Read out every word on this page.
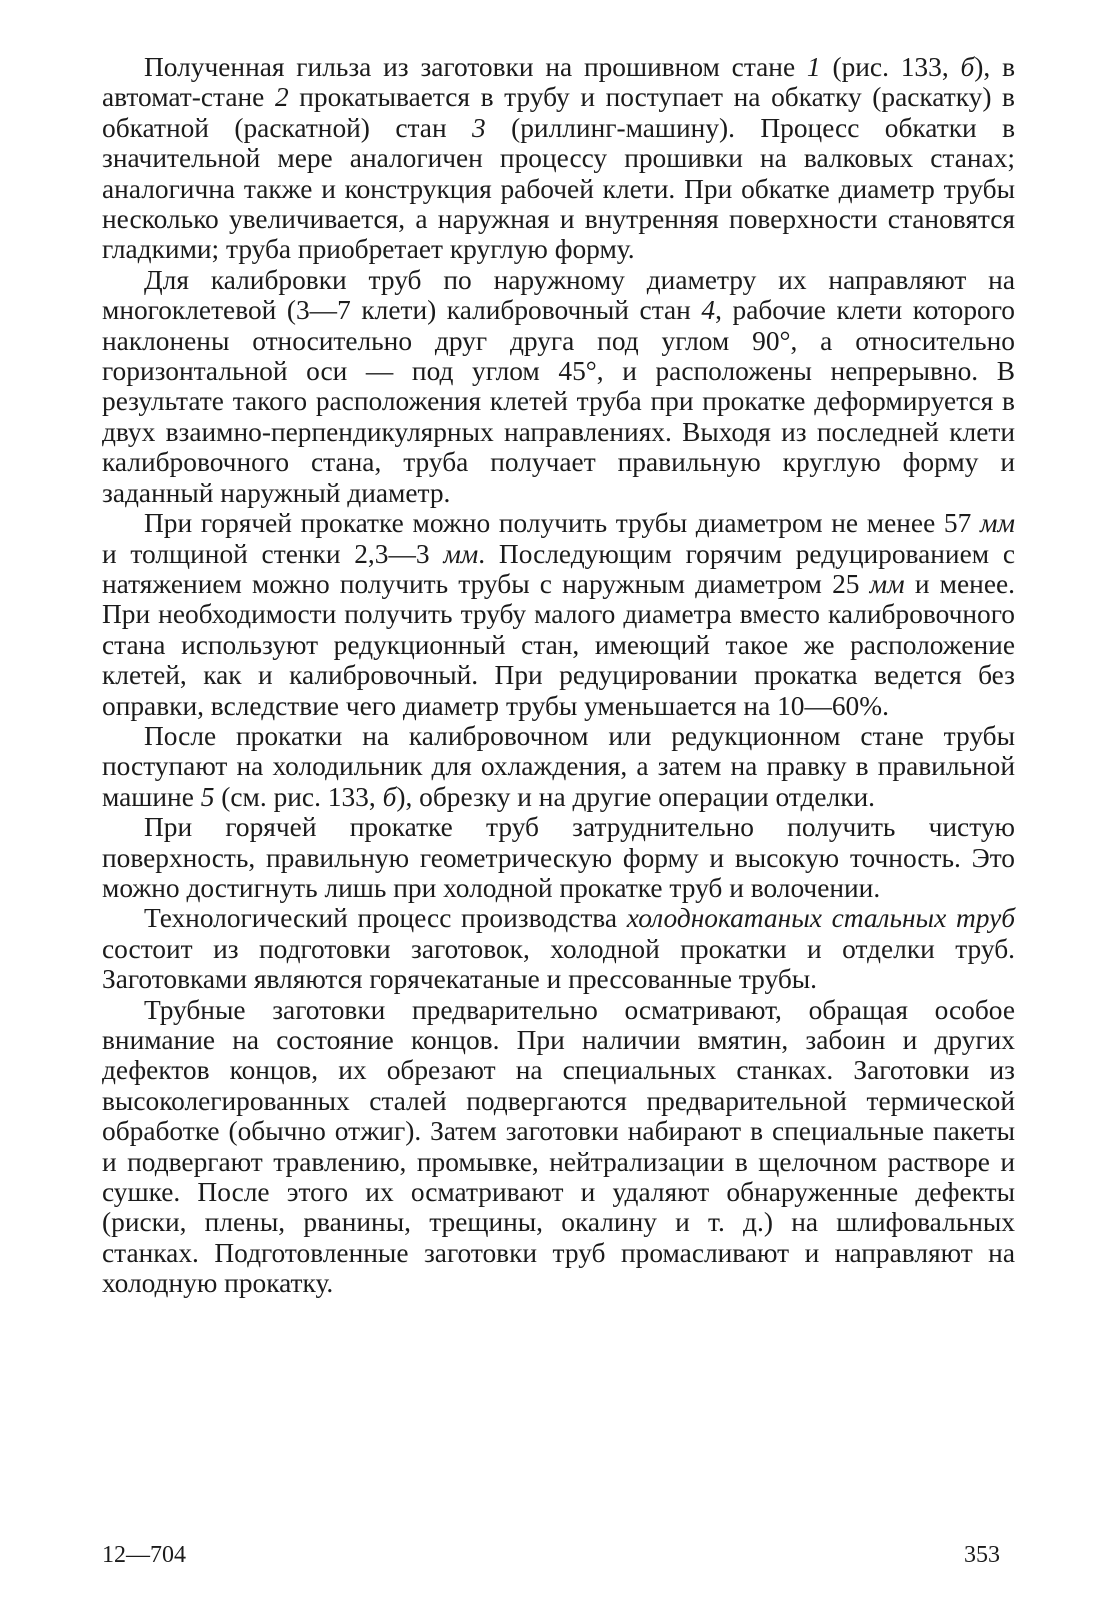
Полученная гильза из заготовки на прошивном стане 1 (рис. 133, б), в автомат-стане 2 прокатывается в трубу и поступает на обкатку (раскатку) в обкатной (раскатной) стан 3 (риллинг-машину). Процесс обкатки в значительной мере аналогичен процессу прошивки на валковых станах; аналогична также и конструкция рабочей клети. При обкатке диаметр трубы несколько увеличивается, а наружная и внутренняя поверхности становятся гладкими; труба приобретает круглую форму.

Для калибровки труб по наружному диаметру их направляют на многоклетевой (3—7 клети) калибровочный стан 4, рабочие клети которого наклонены относительно друг друга под углом 90°, а относительно горизонтальной оси — под углом 45°, и расположены непрерывно. В результате такого расположения клетей труба при прокатке деформируется в двух взаимно-перпендикулярных направлениях. Выходя из последней клети калибровочного стана, труба получает правильную круглую форму и заданный наружный диаметр.

При горячей прокатке можно получить трубы диаметром не менее 57 мм и толщиной стенки 2,3—3 мм. Последующим горячим редуцированием с натяжением можно получить трубы с наружным диаметром 25 мм и менее. При необходимости получить трубу малого диаметра вместо калибровочного стана используют редукционный стан, имеющий такое же расположение клетей, как и калибровочный. При редуцировании прокатка ведется без оправки, вследствие чего диаметр трубы уменьшается на 10—60%.

После прокатки на калибровочном или редукционном стане трубы поступают на холодильник для охлаждения, а затем на правку в правильной машине 5 (см. рис. 133, б), обрезку и на другие операции отделки.

При горячей прокатке труб затруднительно получить чистую поверхность, правильную геометрическую форму и высокую точность. Это можно достигнуть лишь при холодной прокатке труб и волочении.

Технологический процесс производства холоднокатаных стальных труб состоит из подготовки заготовок, холодной прокатки и отделки труб. Заготовками являются горячекатаные и прессованные трубы.

Трубные заготовки предварительно осматривают, обращая особое внимание на состояние концов. При наличии вмятин, забоин и других дефектов концов, их обрезают на специальных станках. Заготовки из высоколегированных сталей подвергаются предварительной термической обработке (обычно отжиг). Затем заготовки набирают в специальные пакеты и подвергают травлению, промывке, нейтрализации в щелочном растворе и сушке. После этого их осматривают и удаляют обнаруженные дефекты (риски, плены, рванины, трещины, окалину и т. д.) на шлифовальных станках. Подготовленные заготовки труб промасливают и направляют на холодную прокатку.

12—704	353
